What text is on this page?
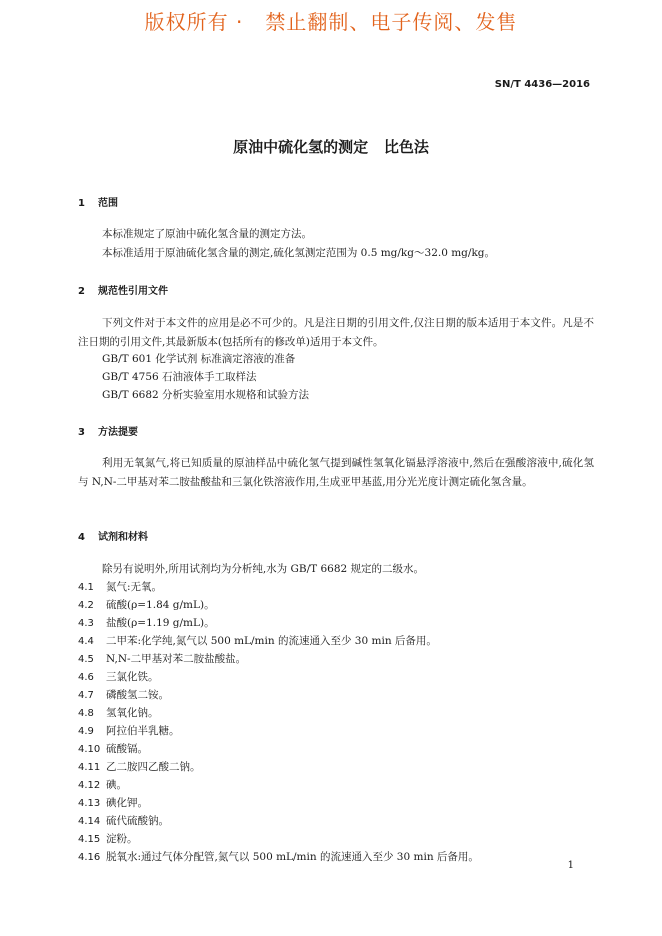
版权所有 ·   禁止翻制、电子传阅、发售
SN/T 4436—2016
原油中硫化氢的测定   比色法
1 范围
本标准规定了原油中硫化氢含量的测定方法。
本标准适用于原油硫化氢含量的测定,硫化氢测定范围为 0.5 mg/kg～32.0 mg/kg。
2 规范性引用文件

下列文件对于本文件的应用是必不可少的。凡是注日期的引用文件,仅注日期的版本适用于本文件。凡是不注日期的引用文件,其最新版本(包括所有的修改单)适用于本文件。

GB/T 601 化学试剂 标准滴定溶液的准备
GB/T 4756 石油液体手工取样法
GB/T 6682 分析实验室用水规格和试验方法
3 方法提要

利用无氧氮气,将已知质量的原油样品中硫化氢气提到碱性氢氧化镉悬浮溶液中,然后在强酸溶液中,硫化氢与 N,N-二甲基对苯二胺盐酸盐和三氯化铁溶液作用,生成亚甲基蓝,用分光光度计测定硫化氢含量。

4 试剂和材料
除另有说明外,所用试剂均为分析纯,水为 GB/T 6682 规定的二级水。
4.1 氮气:无氧。
4.2 硫酸(ρ=1.84 g/mL)。
4.3 盐酸(ρ=1.19 g/mL)。
4.4 二甲苯:化学纯,氮气以 500 mL/min 的流速通入至少 30 min 后备用。
4.5 N,N-二甲基对苯二胺盐酸盐。
4.6 三氯化铁。
4.7 磷酸氢二铵。
4.8 氢氧化钠。
4.9 阿拉伯半乳糖。
4.10 硫酸镉。
4.11 乙二胺四乙酸二钠。
4.12 碘。
4.13 碘化钾。
4.14 硫代硫酸钠。
4.15 淀粉。
4.16 脱氧水:通过气体分配管,氮气以 500 mL/min 的流速通入至少 30 min 后备用。
1
